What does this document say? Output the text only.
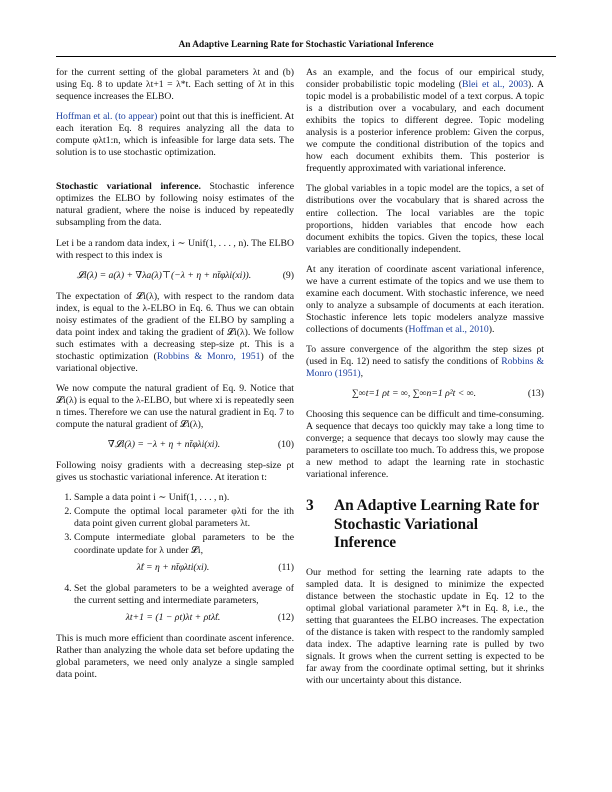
An Adaptive Learning Rate for Stochastic Variational Inference

for the current setting of the global parameters λt and (b) using Eq. 8 to update λt+1 = λ*t. Each setting of λt in this sequence increases the ELBO.

Hoffman et al. (to appear) point out that this is inefficient. At each iteration Eq. 8 requires analyzing all the data to compute φλt1:n, which is infeasible for large data sets. The solution is to use stochastic optimization.

Stochastic variational inference. Stochastic inference optimizes the ELBO by following noisy estimates of the natural gradient, where the noise is induced by repeatedly subsampling from the data.

Let i be a random data index, i ∼ Unif(1, . . . , n). The ELBO with respect to this index is

𝓛i(λ) = a(λ) + ∇λa(λ)⊤(−λ + η + nt̄φλi(xi)).	(9)

The expectation of 𝓛i(λ), with respect to the random data index, is equal to the λ-ELBO in Eq. 6. Thus we can obtain noisy estimates of the gradient of the ELBO by sampling a data point index and taking the gradient of 𝓛i(λ). We follow such estimates with a decreasing step-size ρt. This is a stochastic optimization (Robbins & Monro, 1951) of the variational objective.

We now compute the natural gradient of Eq. 9. Notice that 𝓛i(λ) is equal to the λ-ELBO, but where xi is repeatedly seen n times. Therefore we can use the natural gradient in Eq. 7 to compute the natural gradient of 𝓛i(λ),

∇̃𝓛i(λ) = −λ + η + nt̄φλi(xi).	(10)

Following noisy gradients with a decreasing step-size ρt gives us stochastic variational inference. At iteration t:

1. Sample a data point i ∼ Unif(1, . . . , n).
2. Compute the optimal local parameter φλti for the ith data point given current global parameters λt.
3. Compute intermediate global parameters to be the coordinate update for λ under 𝓛i,
λ̂t = η + nt̄φλti(xi).	(11)
4. Set the global parameters to be a weighted average of the current setting and intermediate parameters,
λt+1 = (1 − ρt)λt + ρtλ̂t.	(12)

This is much more efficient than coordinate ascent inference. Rather than analyzing the whole data set before updating the global parameters, we need only analyze a single sampled data point.

As an example, and the focus of our empirical study, consider probabilistic topic modeling (Blei et al., 2003). A topic model is a probabilistic model of a text corpus. A topic is a distribution over a vocabulary, and each document exhibits the topics to different degree. Topic modeling analysis is a posterior inference problem: Given the corpus, we compute the conditional distribution of the topics and how each document exhibits them. This posterior is frequently approximated with variational inference.

The global variables in a topic model are the topics, a set of distributions over the vocabulary that is shared across the entire collection. The local variables are the topic proportions, hidden variables that encode how each document exhibits the topics. Given the topics, these local variables are conditionally independent.

At any iteration of coordinate ascent variational inference, we have a current estimate of the topics and we use them to examine each document. With stochastic inference, we need only to analyze a subsample of documents at each iteration. Stochastic inference lets topic modelers analyze massive collections of documents (Hoffman et al., 2010).

To assure convergence of the algorithm the step sizes ρt (used in Eq. 12) need to satisfy the conditions of Robbins & Monro (1951),

∑∞t=1 ρt = ∞, ∑∞n=1 ρ²t < ∞.	(13)

Choosing this sequence can be difficult and time-consuming. A sequence that decays too quickly may take a long time to converge; a sequence that decays too slowly may cause the parameters to oscillate too much. To address this, we propose a new method to adapt the learning rate in stochastic variational inference.

3	An Adaptive Learning Rate for Stochastic Variational Inference

Our method for setting the learning rate adapts to the sampled data. It is designed to minimize the expected distance between the stochastic update in Eq. 12 to the optimal global variational parameter λ*t in Eq. 8, i.e., the setting that guarantees the ELBO increases. The expectation of the distance is taken with respect to the randomly sampled data index. The adaptive learning rate is pulled by two signals. It grows when the current setting is expected to be far away from the coordinate optimal setting, but it shrinks with our uncertainty about this distance.
